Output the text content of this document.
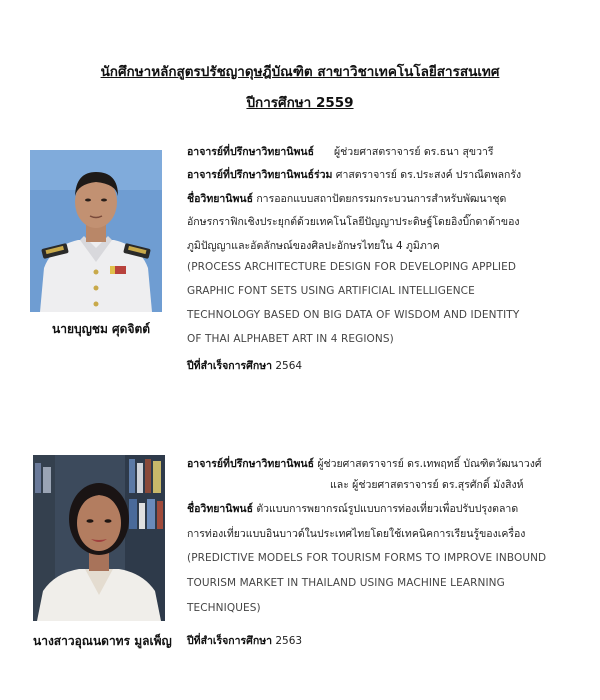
นักศึกษาหลักสูตรปรัชญาดุษฎีบัณฑิต สาขาวิชาเทคโนโลยีสารสนเทศ
ปีการศึกษา 2559
นายบุญชม ศุดจิตต์
อาจารย์ที่ปรึกษาวิทยานิพนธ์ ผู้ช่วยศาสตราจารย์ ดร.ธนา สุขวารี
อาจารย์ที่ปรึกษาวิทยานิพนธ์ร่วม ศาสตราจารย์ ดร.ประสงค์ ปราณีตพลกรัง
ชื่อวิทยานิพนธ์ การออกแบบสถาปัตยกรรมกระบวนการสำหรับพัฒนาชุด
อักษรกราฟิกเชิงประยุกต์ด้วยเทคโนโลยีปัญญาประดิษฐ์โดยอิงบิ๊กดาต้าของ
ภูมิปัญญาและอัตลักษณ์ของศิลปะอักษรไทยใน 4 ภูมิภาค
(PROCESS ARCHITECTURE DESIGN FOR DEVELOPING APPLIED
GRAPHIC FONT SETS USING ARTIFICIAL INTELLIGENCE
TECHNOLOGY BASED ON BIG DATA OF WISDOM AND IDENTITY
OF THAI ALPHABET ART IN 4 REGIONS)
ปีที่สำเร็จการศึกษา 2564
นางสาวอุณนดาทร มูลเพ็ญ
อาจารย์ที่ปรึกษาวิทยานิพนธ์ ผู้ช่วยศาสตราจารย์ ดร.เทพฤทธิ์ บัณฑิตวัฒนาวงศ์
และ ผู้ช่วยศาสตราจารย์ ดร.สุรศักดิ์ มังสิงห์
ชื่อวิทยานิพนธ์ ตัวแบบการพยากรณ์รูปแบบการท่องเที่ยวเพื่อปรับปรุงตลาด
การท่องเที่ยวแบบอินบาวด์ในประเทศไทยโดยใช้เทคนิคการเรียนรู้ของเครื่อง
(PREDICTIVE MODELS FOR TOURISM FORMS TO IMPROVE INBOUND
TOURISM MARKET IN THAILAND USING MACHINE LEARNING
TECHNIQUES)
ปีที่สำเร็จการศึกษา 2563
